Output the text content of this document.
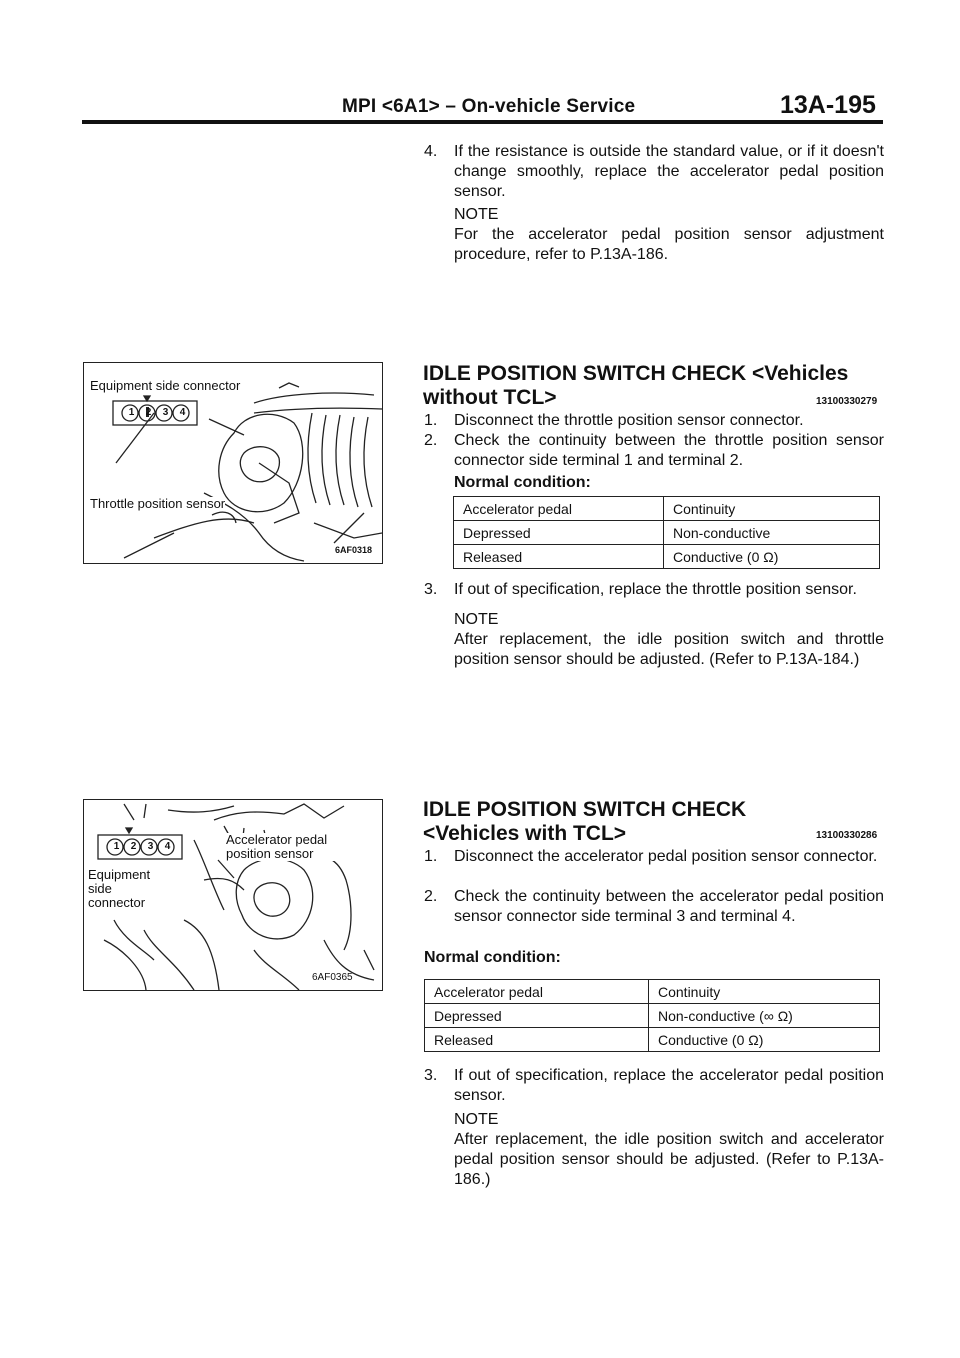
MPI <6A1> – On-vehicle Service	13A-195
4. If the resistance is outside the standard value, or if it doesn't change smoothly, replace the accelerator pedal position sensor.
NOTE
For the accelerator pedal position sensor adjustment procedure, refer to P.13A-186.
1	2	3	4
Equipment side connector
Throttle position sensor
6AF0318
IDLE POSITION SWITCH CHECK <Vehicles
without TCL>	13100330279
1. Disconnect the throttle position sensor connector.
2. Check the continuity between the throttle position sensor connector side terminal 1 and terminal 2.
Normal condition:
Accelerator pedal	Continuity
Depressed	Non-conductive
Released	Conductive (0 Ω)
3. If out of specification, replace the throttle position sensor.
NOTE
After replacement, the idle position switch and throttle position sensor should be adjusted. (Refer to P.13A-184.)
1	2	3	4	Accelerator pedal position sensor
Equipment side connector
6AF0365
IDLE POSITION SWITCH CHECK
<Vehicles with TCL>	13100330286
1. Disconnect the accelerator pedal position sensor connector.
2. Check the continuity between the accelerator pedal position sensor connector side terminal 3 and terminal 4.
Normal condition:
Accelerator pedal	Continuity
Depressed	Non-conductive (∞ Ω)
Released	Conductive (0 Ω)
3. If out of specification, replace the accelerator pedal position sensor.
NOTE
After replacement, the idle position switch and accelerator pedal position sensor should be adjusted. (Refer to P.13A-186.)
